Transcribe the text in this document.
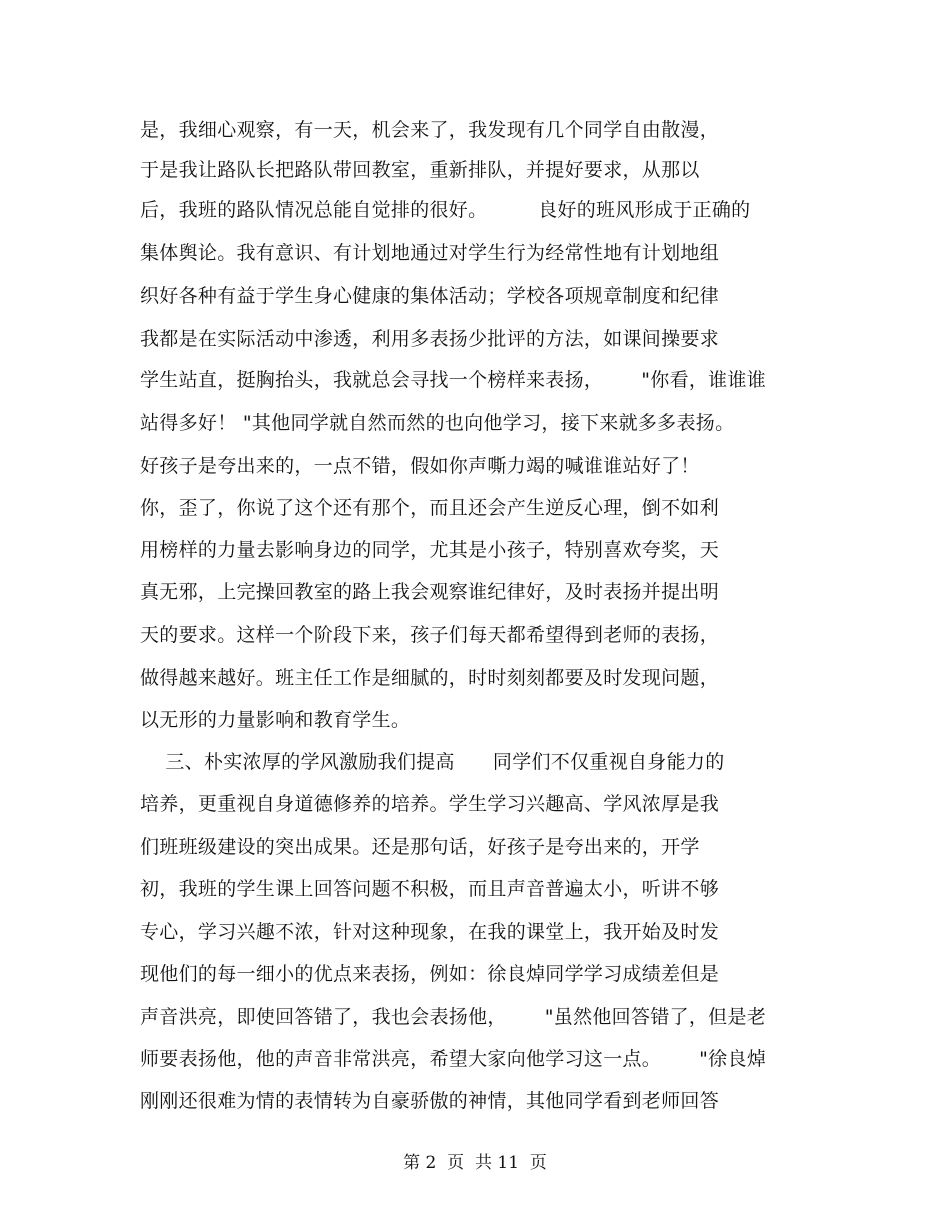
是，我细心观察，有一天，机会来了，我发现有几个同学自由散漫，
于是我让路队长把路队带回教室，重新排队，并提好要求，从那以
后，我班的路队情况总能自觉排的很好。        良好的班风形成于正确的
集体舆论。我有意识、有计划地通过对学生行为经常性地有计划地组
织好各种有益于学生身心健康的集体活动；学校各项规章制度和纪律
我都是在实际活动中渗透，利用多表扬少批评的方法，如课间操要求
学生站直，挺胸抬头，我就总会寻找一个榜样来表扬，      "你看，谁谁谁
站得多好！ "其他同学就自然而然的也向他学习，接下来就多多表扬。
好孩子是夸出来的，一点不错，假如你声嘶力竭的喊谁谁站好了！
你，歪了，你说了这个还有那个，而且还会产生逆反心理，倒不如利
用榜样的力量去影响身边的同学，尤其是小孩子，特别喜欢夸奖，天
真无邪，上完操回教室的路上我会观察谁纪律好，及时表扬并提出明
天的要求。这样一个阶段下来，孩子们每天都希望得到老师的表扬，
做得越来越好。班主任工作是细腻的，时时刻刻都要及时发现问题，
以无形的力量影响和教育学生。
三、朴实浓厚的学风激励我们提高      同学们不仅重视自身能力的
培养，更重视自身道德修养的培养。学生学习兴趣高、学风浓厚是我
们班班级建设的突出成果。还是那句话，好孩子是夸出来的，开学
初，我班的学生课上回答问题不积极，而且声音普遍太小，听讲不够
专心，学习兴趣不浓，针对这种现象，在我的课堂上，我开始及时发
现他们的每一细小的优点来表扬，例如：徐良焯同学学习成绩差但是
声音洪亮，即使回答错了，我也会表扬他，      "虽然他回答错了，但是老
师要表扬他，他的声音非常洪亮，希望大家向他学习这一点。      "徐良焯
刚刚还很难为情的表情转为自豪骄傲的神情，其他同学看到老师回答
第 2  页  共 11  页
